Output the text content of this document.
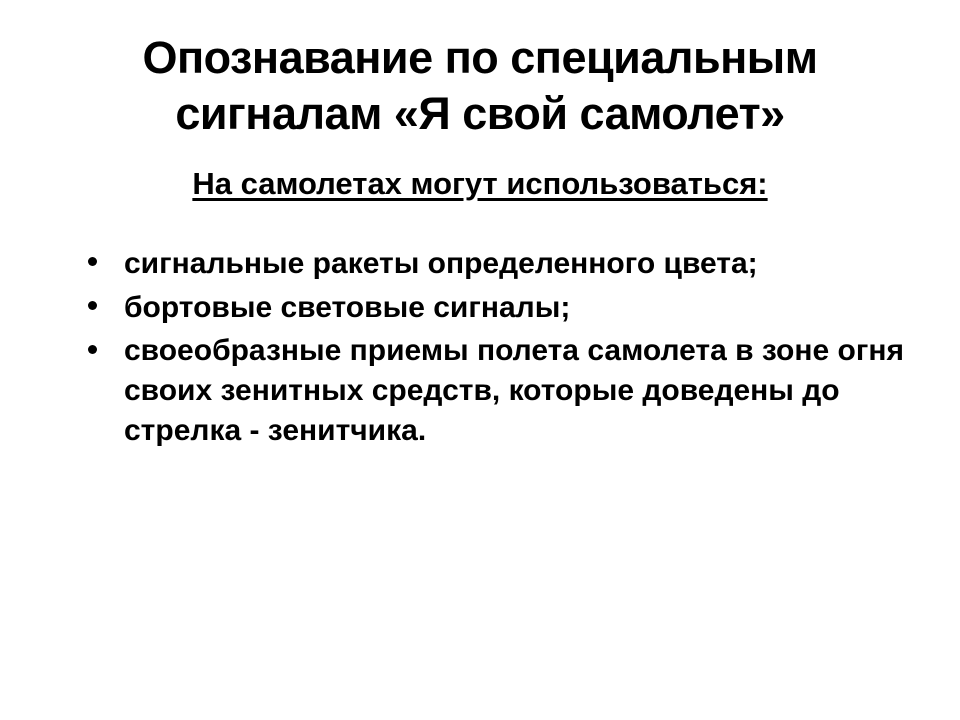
Опознавание по специальным сигналам «Я свой самолет»
На самолетах могут использоваться:
сигнальные ракеты определенного цвета;
бортовые световые сигналы;
своеобразные приемы полета самолета в зоне огня своих зенитных средств, которые доведены до стрелка - зенитчика.
